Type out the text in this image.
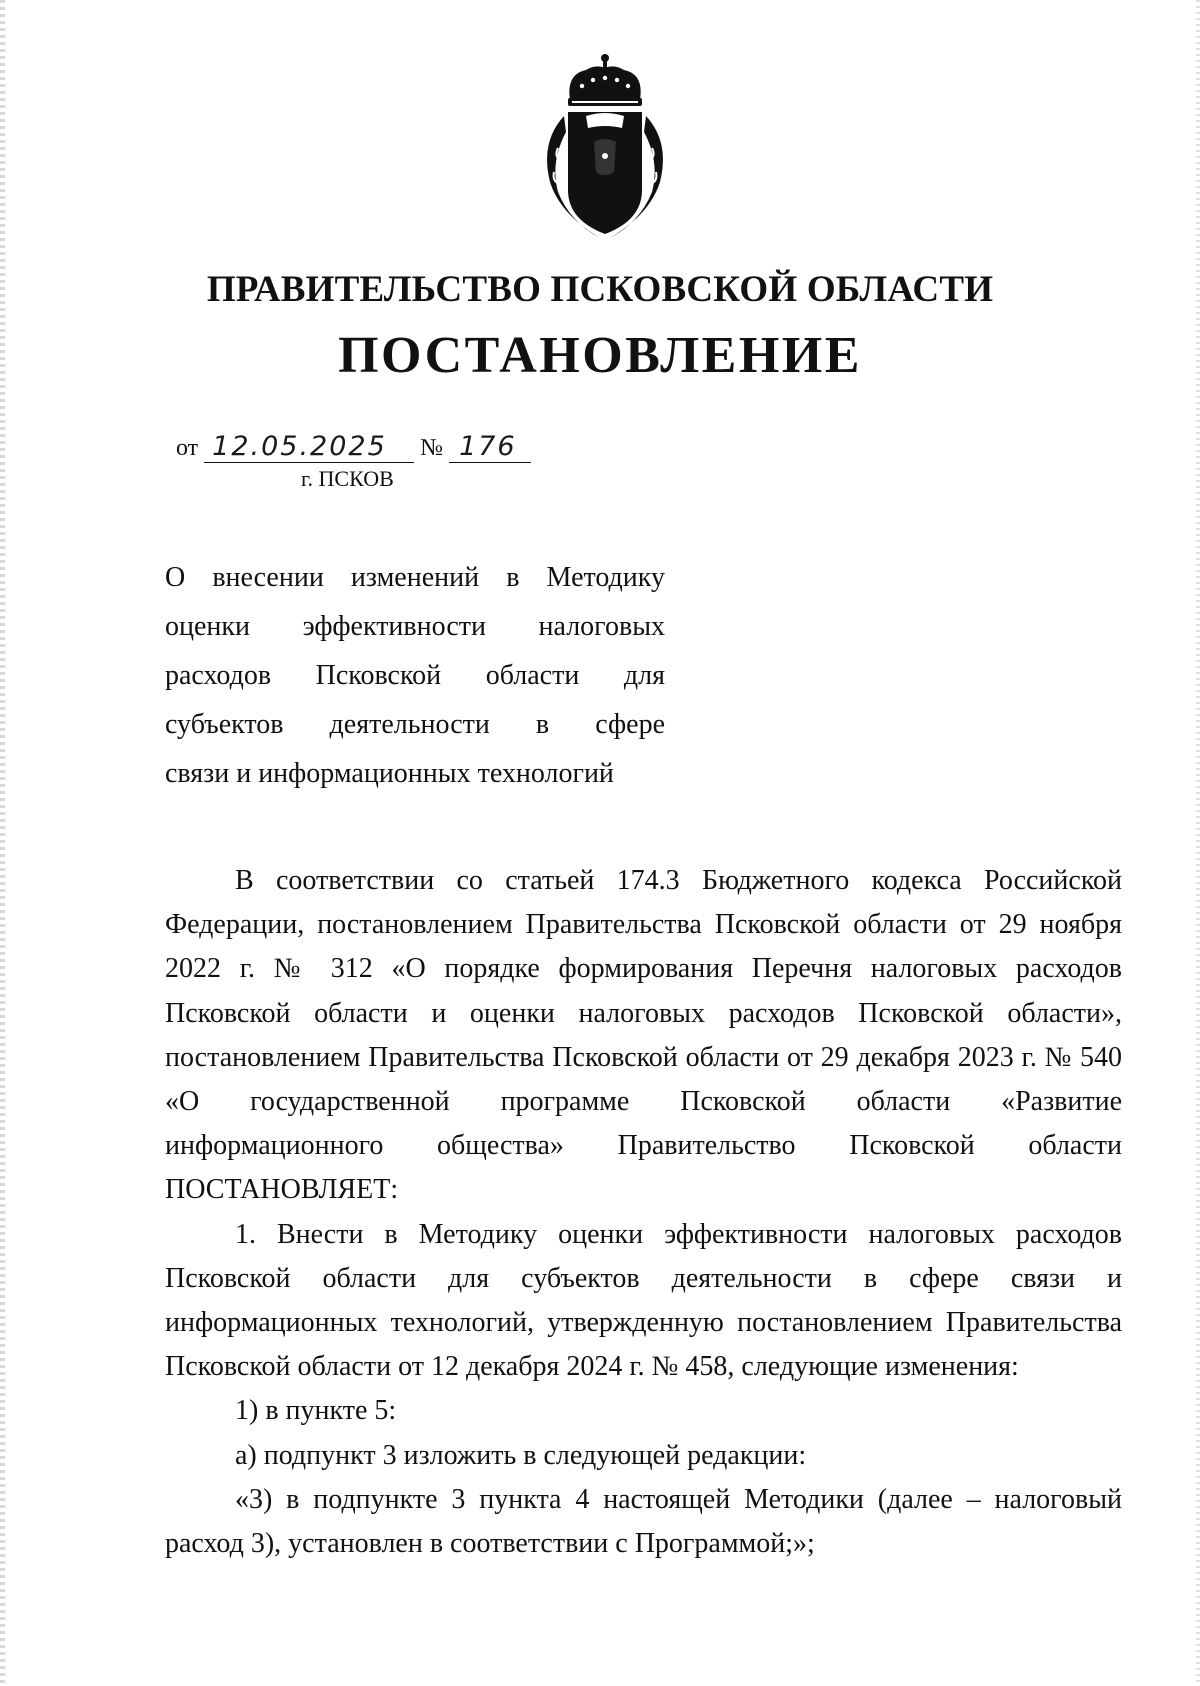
ПРАВИТЕЛЬСТВО ПСКОВСКОЙ ОБЛАСТИ
ПОСТАНОВЛЕНИЕ
от 12.05.2025 № 176
г. ПСКОВ
О внесении изменений в Методику оценки эффективности налоговых расходов Псковской области для субъектов деятельности в сфере
связи и информационных технологий

В соответствии со статьей 174.3 Бюджетного кодекса Российской Федерации, постановлением Правительства Псковской области от 29 ноября 2022 г. № 312 «О порядке формирования Перечня налоговых расходов Псковской области и оценки налоговых расходов Псковской области», постановлением Правительства Псковской области от 29 декабря 2023 г. № 540 «О государственной программе Псковской области «Развитие информационного общества» Правительство Псковской области ПОСТАНОВЛЯЕТ:

1. Внести в Методику оценки эффективности налоговых расходов Псковской области для субъектов деятельности в сфере связи и информационных технологий, утвержденную постановлением Правительства Псковской области от 12 декабря 2024 г. № 458, следующие изменения:

1) в пункте 5:

а) подпункт 3 изложить в следующей редакции:

«3) в подпункте 3 пункта 4 настоящей Методики (далее – налоговый расход 3), установлен в соответствии с Программой;»;
